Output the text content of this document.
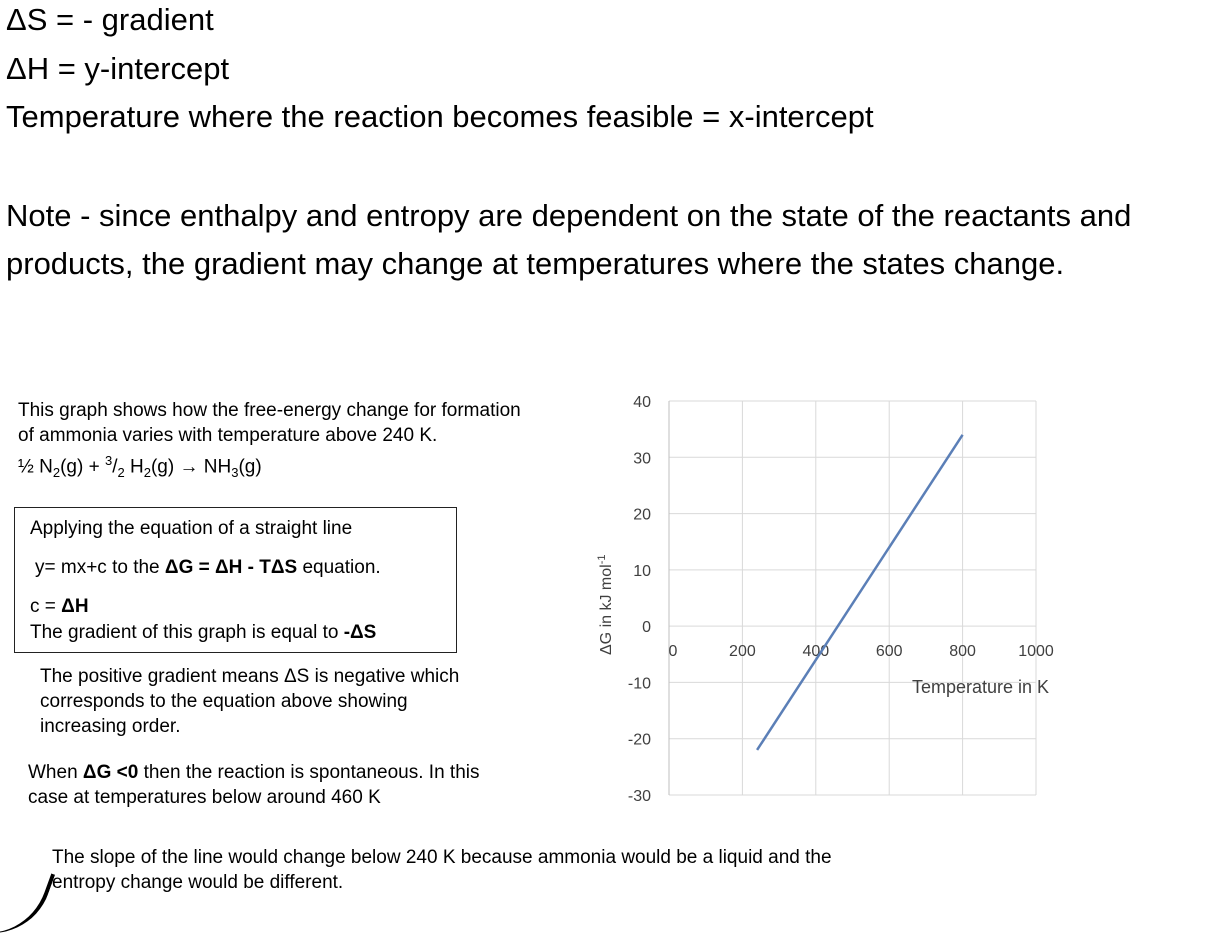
ΔS = - gradient
ΔH = y-intercept
Temperature where the reaction becomes feasible = x-intercept
Note - since enthalpy and entropy are dependent on the state of the reactants and products, the gradient may change at temperatures where the states change.
This graph shows how the free-energy change for formation
of ammonia varies with temperature above 240 K.
½ $N_2(g) + ^3/_2$ $H_2(g) \to NH_3(g)$
Applying the equation of a straight line
y= mx+c to the ΔG = ΔH - TΔS equation.
c = ΔH
The gradient of this graph is equal to -ΔS
The positive gradient means ΔS is negative which
corresponds to the equation above showing
increasing order.
When ΔG <0 then the reaction is spontaneous. In this
case at temperatures below around 460 K
40
30
20
10
0
-10
-20
-30
0	200	400	600	800	1000
ΔG in kJ mol$^{-1}$
Temperature in K
The slope of the line would change below 240 K because ammonia would be a liquid and the
entropy change would be different.
